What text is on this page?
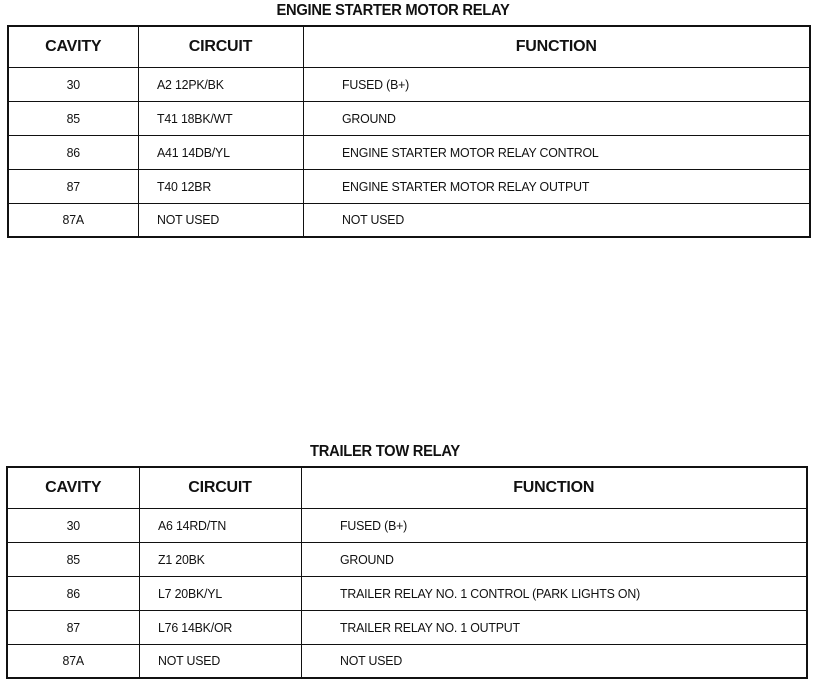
ENGINE STARTER MOTOR RELAY
CAVITY	CIRCUIT	FUNCTION

30	A2 12PK/BK	FUSED (B+)

85	T41 18BK/WT	GROUND

86	A41 14DB/YL	ENGINE STARTER MOTOR RELAY CONTROL

87	T40 12BR	ENGINE STARTER MOTOR RELAY OUTPUT

87A	NOT USED	NOT USED
TRAILER TOW RELAY
CAVITY	CIRCUIT	FUNCTION

30	A6 14RD/TN	FUSED (B+)

85	Z1 20BK	GROUND

86	L7 20BK/YL	TRAILER RELAY NO. 1 CONTROL (PARK LIGHTS ON)

87	L76 14BK/OR	TRAILER RELAY NO. 1 OUTPUT

87A	NOT USED	NOT USED
